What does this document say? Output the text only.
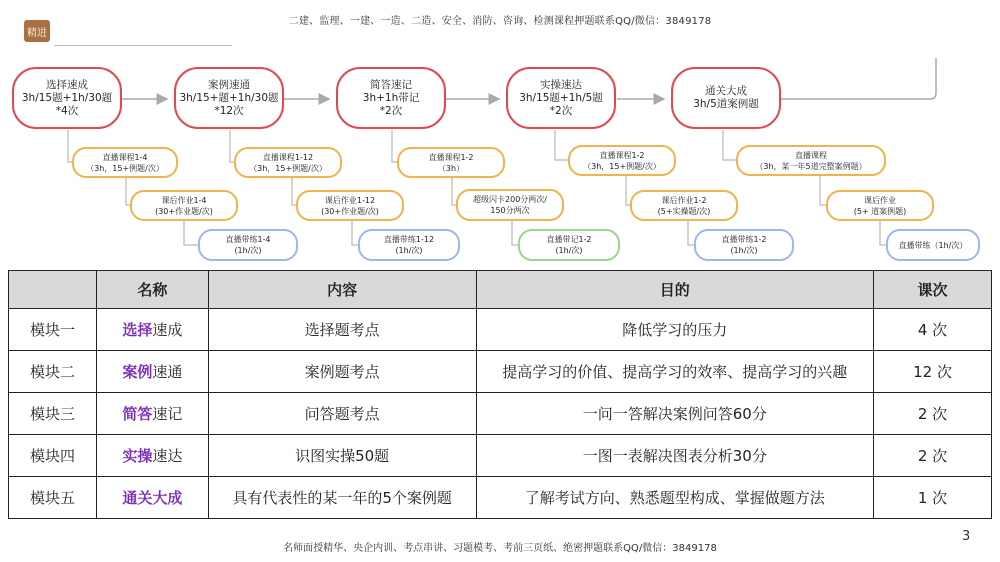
二建、监理、一建、一造、二造、安全、消防、咨询、检测课程押题联系QQ/微信：3849178
精进
选择速成
3h/15题+1h/30题
*4次
案例速通
3h/15+题+1h/30题
*12次
简答速记
3h+1h带记
*2次
实操速达
3h/15题+1h/5题
*2次
通关大成
3h/5道案例题
直播课程1-4
（3h，15+例题/次）
课后作业1-4
(30+作业题/次)
直播带练1-4
(1h/次)
直播课程1-12
（3h，15+例题/次）
课后作业1-12
(30+作业题/次)
直播带练1-12
(1h/次)
直播课程1-2
（3h）
超级闪卡200分两次/
150分两次
直播带记1-2
(1h/次)
直播课程1-2
（3h，15+例题/次）
课后作业1-2
(5+实操题/次)
直播带练1-2
(1h/次)
直播课程
（3h，某一年5道完整案例题）
课后作业
(5+ 道案例题)
直播带练（1h/次）
	名称	内容	目的	课次
模块一	选择速成	选择题考点	降低学习的压力	4 次
模块二	案例速通	案例题考点	提高学习的价值、提高学习的效率、提高学习的兴趣	12 次
模块三	简答速记	问答题考点	一问一答解决案例问答60分	2 次
模块四	实操速达	识图实操50题	一图一表解决图表分析30分	2 次
模块五	通关大成	具有代表性的某一年的5个案例题	了解考试方向、熟悉题型构成、掌握做题方法	1 次
名师面授精华、央企内训、考点串讲、习题模考、考前三页纸、绝密押题联系QQ/微信：3849178
3
